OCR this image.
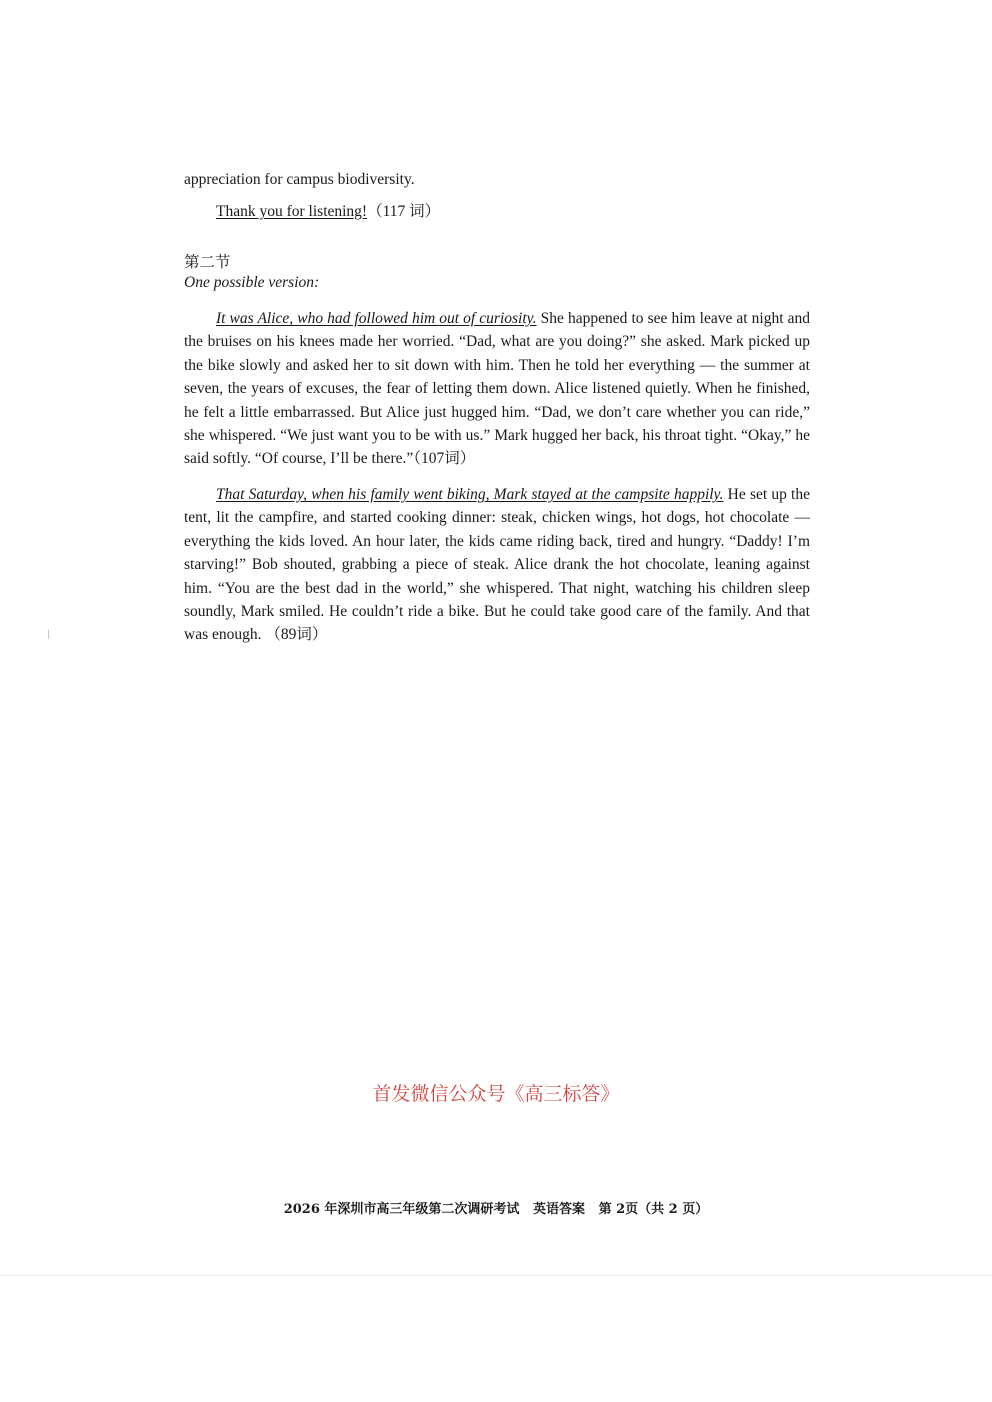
appreciation for campus biodiversity.
Thank you for listening!（117 词）
第二节
One possible version:

It was Alice, who had followed him out of curiosity. She happened to see him leave at night and the bruises on his knees made her worried. “Dad, what are you doing?” she asked. Mark picked up the bike slowly and asked her to sit down with him. Then he told her everything — the summer at seven, the years of excuses, the fear of letting them down. Alice listened quietly. When he finished, he felt a little embarrassed. But Alice just hugged him. “Dad, we don’t care whether you can ride,” she whispered. “We just want you to be with us.” Mark hugged her back, his throat tight. “Okay,” he said softly. “Of course, I’ll be there.”（107词）

That Saturday, when his family went biking, Mark stayed at the campsite happily. He set up the tent, lit the campfire, and started cooking dinner: steak, chicken wings, hot dogs, hot chocolate — everything the kids loved. An hour later, the kids came riding back, tired and hungry. “Daddy! I’m starving!” Bob shouted, grabbing a piece of steak. Alice drank the hot chocolate, leaning against him. “You are the best dad in the world,” she whispered. That night, watching his children sleep soundly, Mark smiled. He couldn’t ride a bike. But he could take good care of the family. And that was enough. （89词）

首发微信公众号《高三标答》
2026 年深圳市高三年级第二次调研考试   英语答案   第 2页（共 2 页）
